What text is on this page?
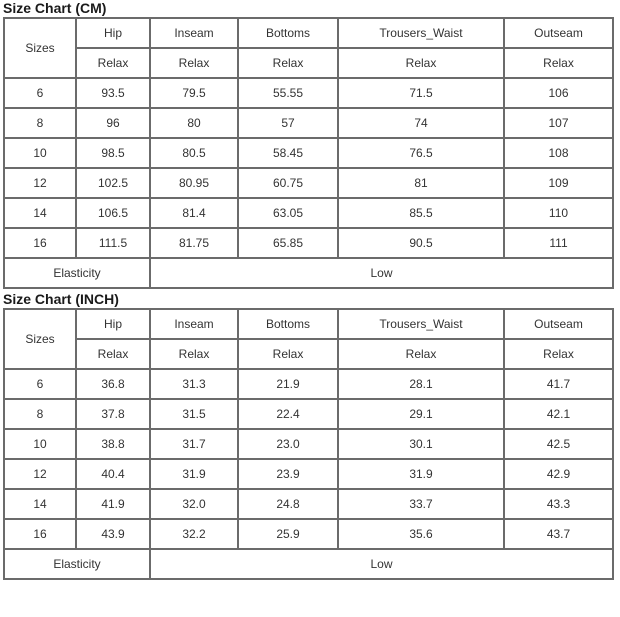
Size Chart (CM)
Sizes	Hip	Inseam	Bottoms	Trousers_Waist	Outseam
	Relax	Relax	Relax	Relax	Relax
6	93.5	79.5	55.55	71.5	106
8	96	80	57	74	107
10	98.5	80.5	58.45	76.5	108
12	102.5	80.95	60.75	81	109
14	106.5	81.4	63.05	85.5	110
16	111.5	81.75	65.85	90.5	111
Elasticity		Low			
Size Chart (INCH)
Sizes	Hip	Inseam	Bottoms	Trousers_Waist	Outseam
	Relax	Relax	Relax	Relax	Relax
6	36.8	31.3	21.9	28.1	41.7
8	37.8	31.5	22.4	29.1	42.1
10	38.8	31.7	23.0	30.1	42.5
12	40.4	31.9	23.9	31.9	42.9
14	41.9	32.0	24.8	33.7	43.3
16	43.9	32.2	25.9	35.6	43.7
Elasticity		Low			
